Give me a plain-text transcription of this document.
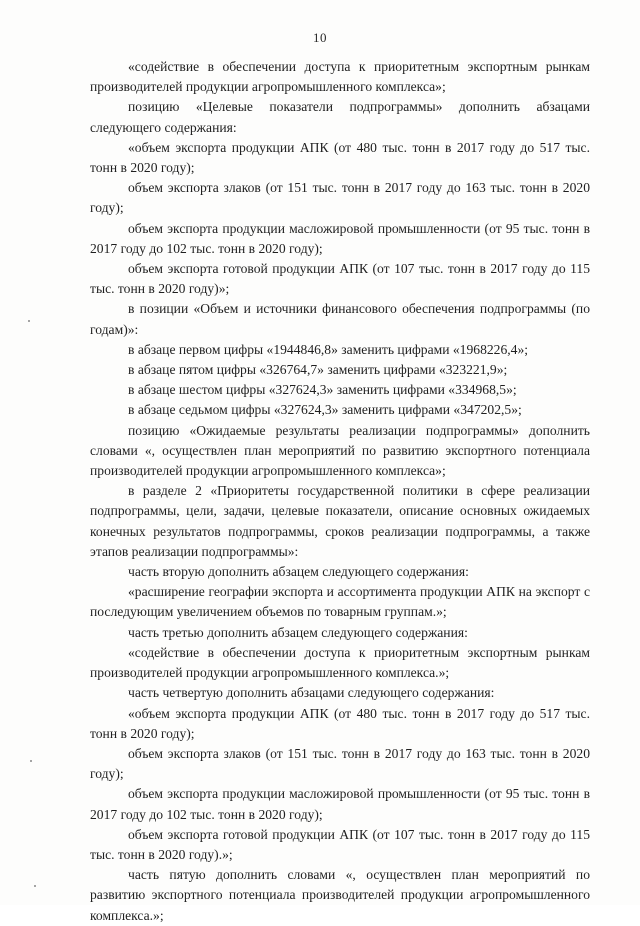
10

«содействие в обеспечении доступа к приоритетным экспортным рынкам производителей продукции агропромышленного комплекса»;

позицию «Целевые показатели подпрограммы» дополнить абзацами следующего содержания:

«объем экспорта продукции АПК (от 480 тыс. тонн в 2017 году до 517 тыс. тонн в 2020 году);

объем экспорта злаков (от 151 тыс. тонн в 2017 году до 163 тыс. тонн в 2020 году);

объем экспорта продукции масложировой промышленности (от 95 тыс. тонн в 2017 году до 102 тыс. тонн в 2020 году);

объем экспорта готовой продукции АПК (от 107 тыс. тонн в 2017 году до 115 тыс. тонн в 2020 году)»;

в позиции «Объем и источники финансового обеспечения подпрограммы (по годам)»:

в абзаце первом цифры «1944846,8» заменить цифрами «1968226,4»;

в абзаце пятом цифры «326764,7» заменить цифрами «323221,9»;

в абзаце шестом цифры «327624,3» заменить цифрами «334968,5»;

в абзаце седьмом цифры «327624,3» заменить цифрами «347202,5»;

позицию «Ожидаемые результаты реализации подпрограммы» дополнить словами «, осуществлен план мероприятий по развитию экспортного потенциала производителей продукции агропромышленного комплекса»;

в разделе 2 «Приоритеты государственной политики в сфере реализации подпрограммы, цели, задачи, целевые показатели, описание основных ожидаемых конечных результатов подпрограммы, сроков реализации подпрограммы, а также этапов реализации подпрограммы»:

часть вторую дополнить абзацем следующего содержания:

«расширение географии экспорта и ассортимента продукции АПК на экспорт с последующим увеличением объемов по товарным группам.»;

часть третью дополнить абзацем следующего содержания:

«содействие в обеспечении доступа к приоритетным экспортным рынкам производителей продукции агропромышленного комплекса.»;

часть четвертую дополнить абзацами следующего содержания:

«объем экспорта продукции АПК (от 480 тыс. тонн в 2017 году до 517 тыс. тонн в 2020 году);

объем экспорта злаков (от 151 тыс. тонн в 2017 году до 163 тыс. тонн в 2020 году);

объем экспорта продукции масложировой промышленности (от 95 тыс. тонн в 2017 году до 102 тыс. тонн в 2020 году);

объем экспорта готовой продукции АПК (от 107 тыс. тонн в 2017 году до 115 тыс. тонн в 2020 году).»;

часть пятую дополнить словами «, осуществлен план мероприятий по развитию экспортного потенциала производителей продукции агропромышленного комплекса.»;
